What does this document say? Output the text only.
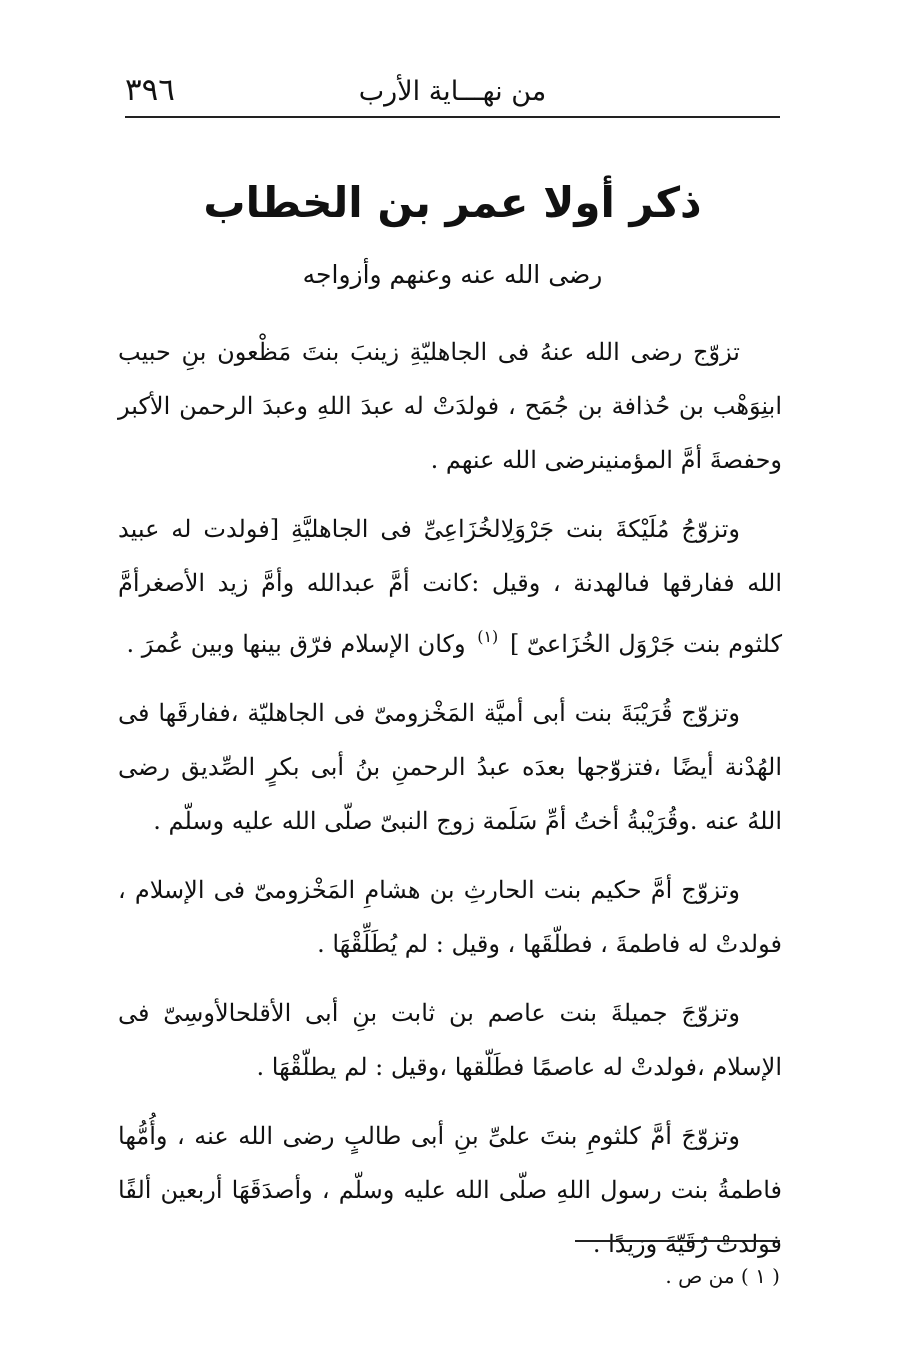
من نهـــاية الأرب
٣٩٦
ذكر أولا عمر بن الخطاب
رضى الله عنه وعنهم وأزواجه

تزوّج رضى الله عنهُ فى الجاهليّةِ زينبَ بنتَ مَظْعون بنِ حبيب ابنِوَهْب بن حُذافة بن جُمَح ، فولدَتْ له عبدَ اللهِ وعبدَ الرحمن الأكبر وحفصةَ أمَّ المؤمنينرضى الله عنهم .

وتزوّجُ مُلَيْكةَ بنت جَرْوَلِالخُزَاعِىِّ فى الجاهليَّةِ [فولدت له عبيد الله ففارقها فىالهدنة ، وقيل :كانت أمَّ عبدالله وأمَّ زيد الأصغرأمَّ كلثوم بنت جَرْوَل الخُزَاعىّ ] $^{(١)}$ وكان الإسلام فرّق بينها وبين عُمرَ .

وتزوّج قُرَيْبَةَ بنت أبى أميَّة المَخْزومىّ فى الجاهليّة ،ففارقَها فى الهُدْنة أيضًا ،فتزوّجها بعدَه عبدُ الرحمنِ بنُ أبى بكرٍ الصِّديق رضى اللهُ عنه .وقُرَيْبةُ أختُ أمِّ سَلَمة زوج النبىّ صلّى الله عليه وسلّم .

وتزوّج أمَّ حكيم بنت الحارثِ بن هشامِ المَخْزومىّ فى الإسلام ، فولدتْ له فاطمةَ ، فطلّقَها ، وقيل : لم يُطَلِّقْهَا .

وتزوّجَ جميلةَ بنت عاصم بن ثابت بنِ أبى الأقلحالأوسِىّ فى الإسلام ،فولدتْ له عاصمًا فطَلّقها ،وقيل : لم يطلّقْهَا .

وتزوّجَ أمَّ كلثومِ بنتَ علىِّ بنِ أبى طالبٍ رضى الله عنه ، وأُمُّها فاطمةُ بنت رسول اللهِ صلّى الله عليه وسلّم ، وأصدَقَهَا أربعين ألفًا فولدتْ رُقَيّةَ وزيدًا .

( ١ ) من ص .
